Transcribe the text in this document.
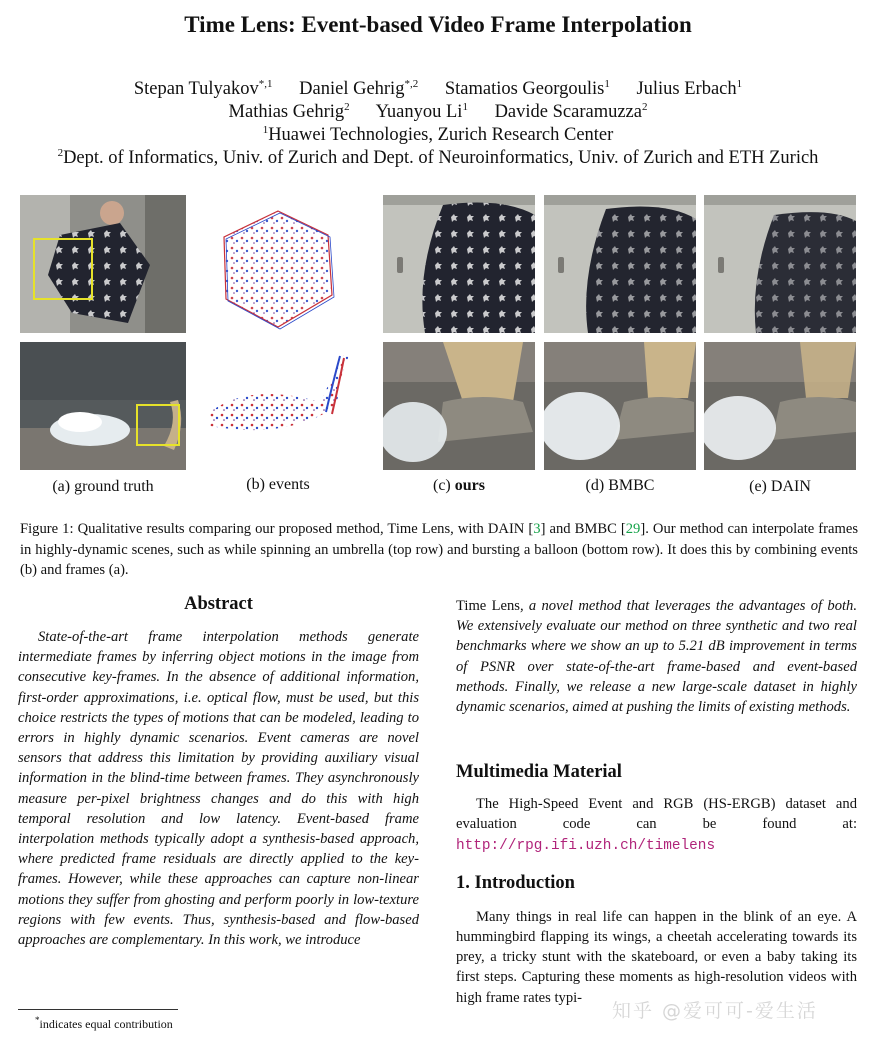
Time Lens: Event-based Video Frame Interpolation
Stepan Tulyakov$^{*,1}$ Daniel Gehrig$^{*,2}$ Stamatios Georgoulis$^1$ Julius Erbach$^1$
Mathias Gehrig$^2$ Yuanyou Li$^1$ Davide Scaramuzza$^2$
$^1$Huawei Technologies, Zurich Research Center
$^2$Dept. of Informatics, Univ. of Zurich and Dept. of Neuroinformatics, Univ. of Zurich and ETH Zurich
(a) ground truth	(b) events	(c) ours	(d) BMBC	(e) DAIN
Figure 1: Qualitative results comparing our proposed method, Time Lens, with DAIN [3] and BMBC [29]. Our method can interpolate frames in highly-dynamic scenes, such as while spinning an umbrella (top row) and bursting a balloon (bottom row). It does this by combining events (b) and frames (a).
Abstract
State-of-the-art frame interpolation methods generate intermediate frames by inferring object motions in the image from consecutive key-frames. In the absence of additional information, first-order approximations, i.e. optical flow, must be used, but this choice restricts the types of motions that can be modeled, leading to errors in highly dynamic scenarios. Event cameras are novel sensors that address this limitation by providing auxiliary visual information in the blind-time between frames. They asynchronously measure per-pixel brightness changes and do this with high temporal resolution and low latency. Event-based frame interpolation methods typically adopt a synthesis-based approach, where predicted frame residuals are directly applied to the key-frames. However, while these approaches can capture non-linear motions they suffer from ghosting and perform poorly in low-texture regions with few events. Thus, synthesis-based and flow-based approaches are complementary. In this work, we introduce
Time Lens, a novel method that leverages the advantages of both. We extensively evaluate our method on three synthetic and two real benchmarks where we show an up to 5.21 dB improvement in terms of PSNR over state-of-the-art frame-based and event-based methods. Finally, we release a new large-scale dataset in highly dynamic scenarios, aimed at pushing the limits of existing methods.
Multimedia Material
The High-Speed Event and RGB (HS-ERGB) dataset and evaluation code can be found at: http://rpg.ifi.uzh.ch/timelens
1. Introduction
Many things in real life can happen in the blink of an eye. A hummingbird flapping its wings, a cheetah accelerating towards its prey, a tricky stunt with the skateboard, or even a baby taking its first steps. Capturing these moments as high-resolution videos with high frame rates typi-
*indicates equal contribution
知乎 @爱可可-爱生活
